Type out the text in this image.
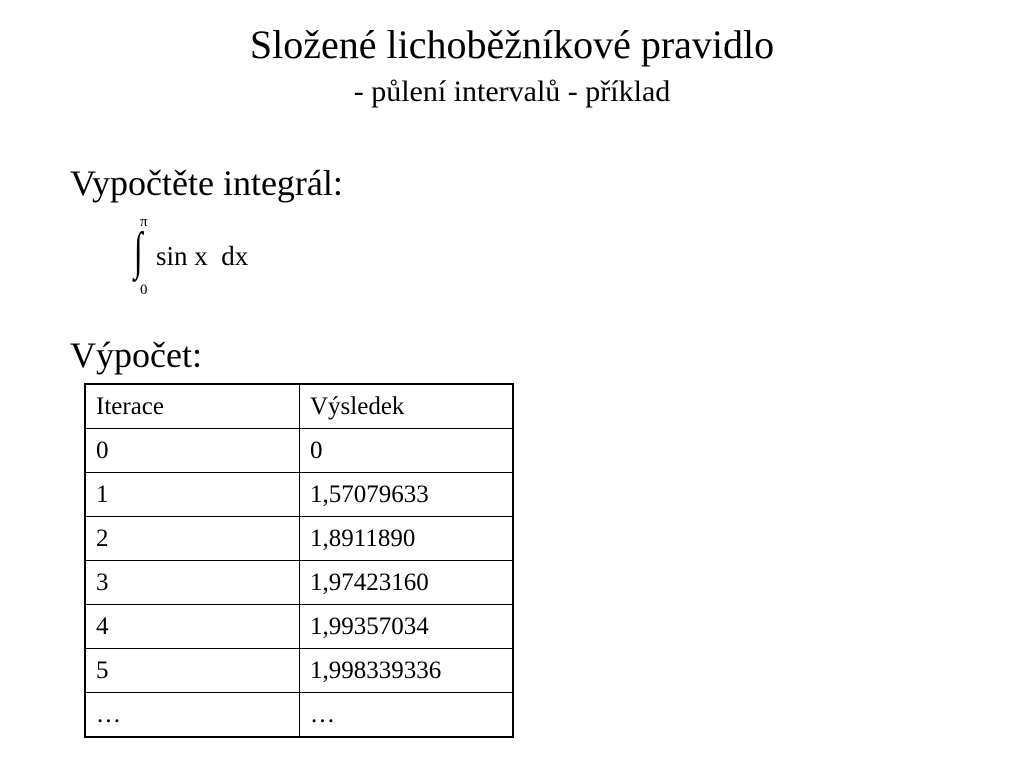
Složené lichoběžníkové pravidlo
- půlení intervalů - příklad
Vypočtěte integrál:
π
∫
0
sin x  dx
Výpočet:
Iterace	Výsledek
0	0
1	1,57079633
2	1,8911890
3	1,97423160
4	1,99357034
5	1,998339336
…	…
